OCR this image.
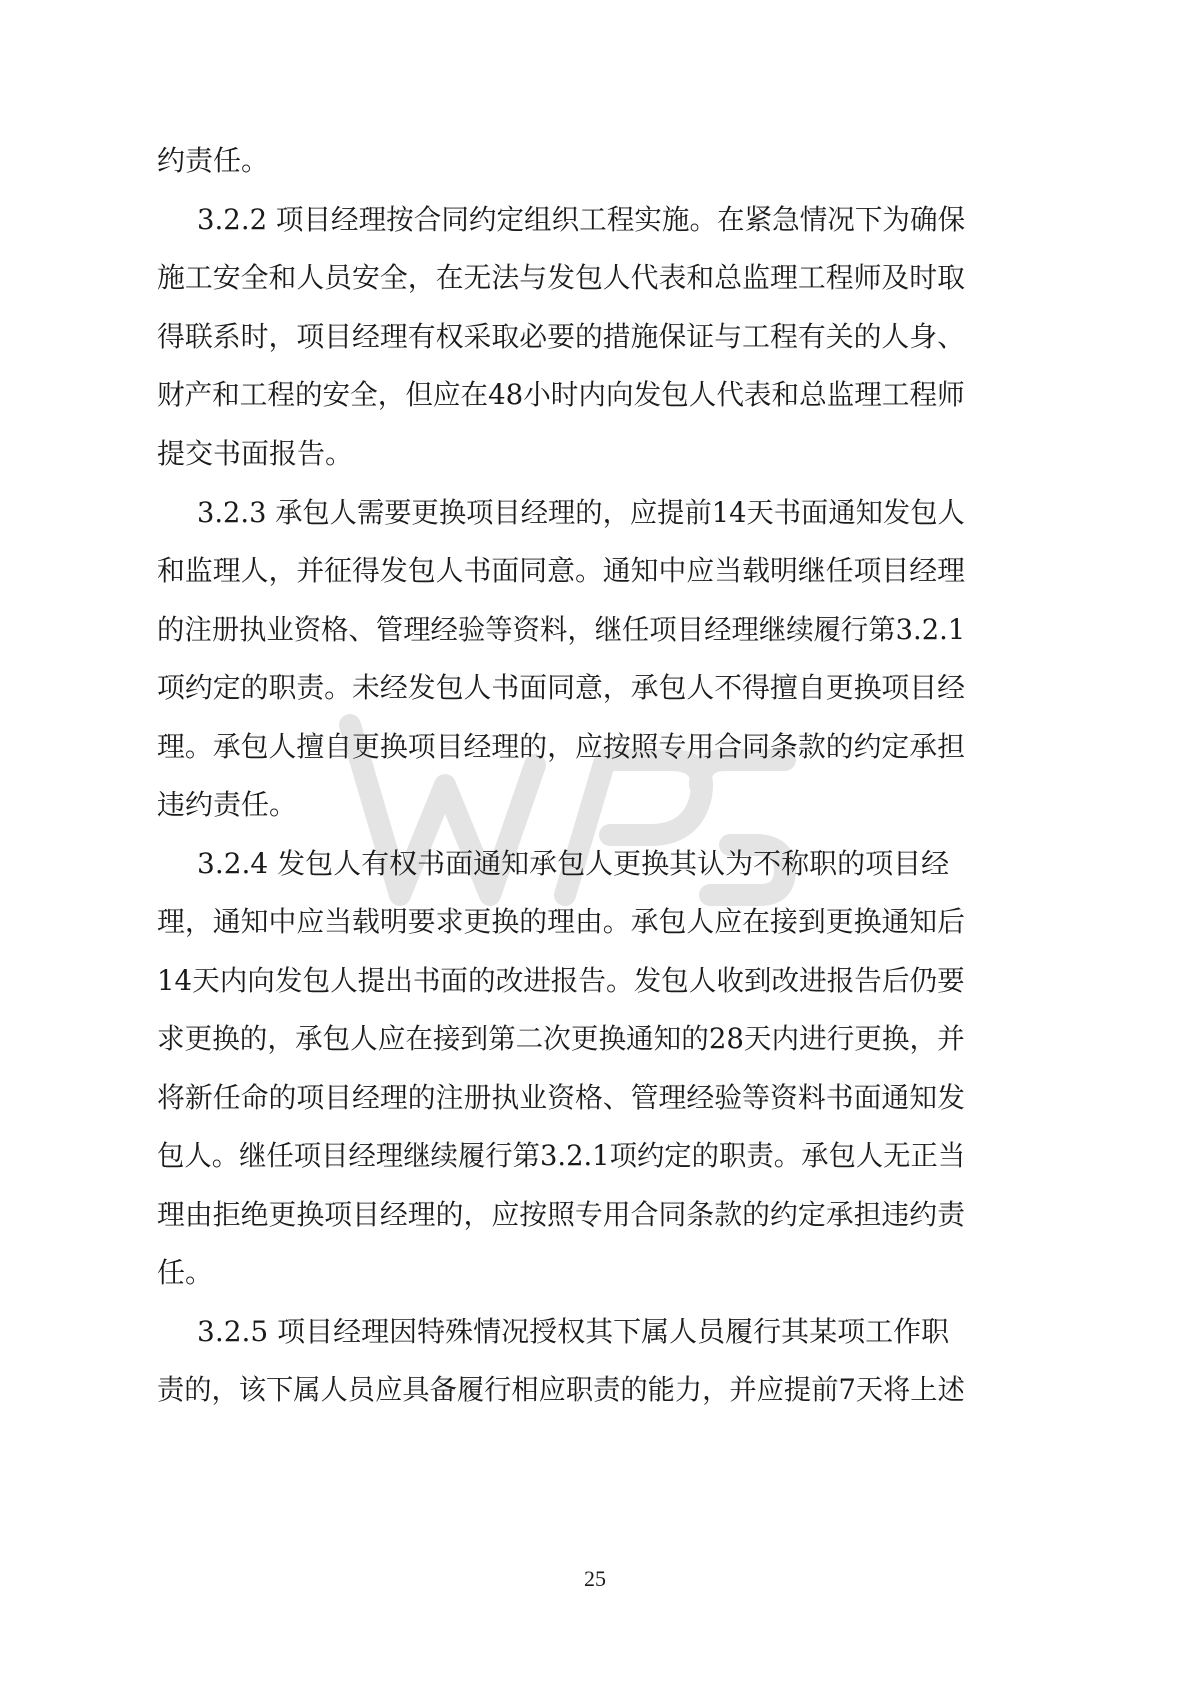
约责任。
3.2.2 项目经理按合同约定组织工程实施。在紧急情况下为确保
施工安全和人员安全，在无法与发包人代表和总监理工程师及时取
得联系时，项目经理有权采取必要的措施保证与工程有关的人身、
财产和工程的安全，但应在48小时内向发包人代表和总监理工程师
提交书面报告。
3.2.3 承包人需要更换项目经理的，应提前14天书面通知发包人
和监理人，并征得发包人书面同意。通知中应当载明继任项目经理
的注册执业资格、管理经验等资料，继任项目经理继续履行第3.2.1
项约定的职责。未经发包人书面同意，承包人不得擅自更换项目经
理。承包人擅自更换项目经理的，应按照专用合同条款的约定承担
违约责任。
3.2.4 发包人有权书面通知承包人更换其认为不称职的项目经
理，通知中应当载明要求更换的理由。承包人应在接到更换通知后
14天内向发包人提出书面的改进报告。发包人收到改进报告后仍要
求更换的，承包人应在接到第二次更换通知的28天内进行更换，并
将新任命的项目经理的注册执业资格、管理经验等资料书面通知发
包人。继任项目经理继续履行第3.2.1项约定的职责。承包人无正当
理由拒绝更换项目经理的，应按照专用合同条款的约定承担违约责
任。
3.2.5 项目经理因特殊情况授权其下属人员履行其某项工作职
责的，该下属人员应具备履行相应职责的能力，并应提前7天将上述
25
